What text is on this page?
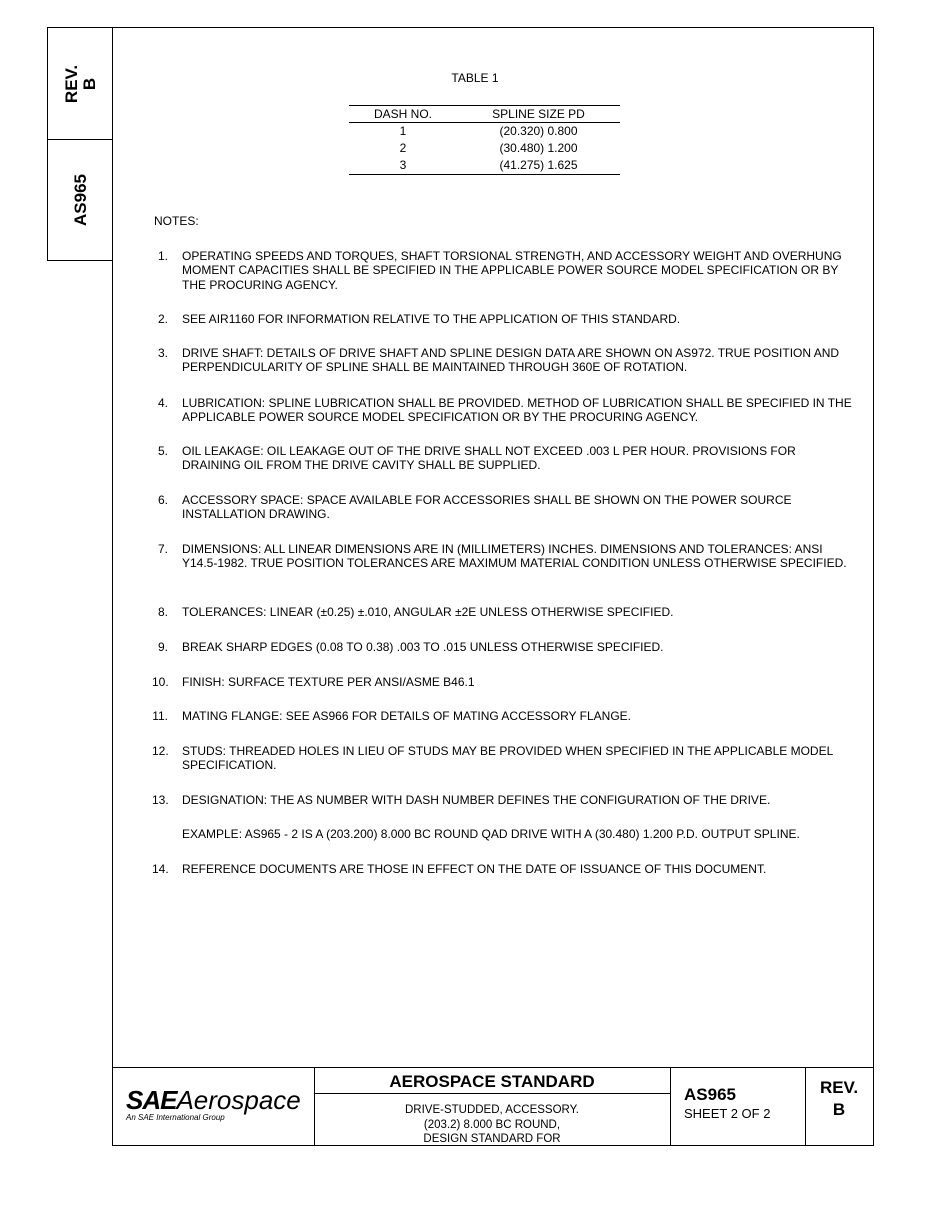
REV. B
AS965
TABLE 1
DASH NO.	SPLINE SIZE PD
1	(20.320) 0.800
2	(30.480) 1.200
3	(41.275) 1.625
NOTES:
1. OPERATING SPEEDS AND TORQUES, SHAFT TORSIONAL STRENGTH, AND ACCESSORY WEIGHT AND OVERHUNG MOMENT CAPACITIES SHALL BE SPECIFIED IN THE APPLICABLE POWER SOURCE MODEL SPECIFICATION OR BY THE PROCURING AGENCY.
2. SEE AIR1160 FOR INFORMATION RELATIVE TO THE APPLICATION OF THIS STANDARD.
3. DRIVE SHAFT: DETAILS OF DRIVE SHAFT AND SPLINE DESIGN DATA ARE SHOWN ON AS972. TRUE POSITION AND PERPENDICULARITY OF SPLINE SHALL BE MAINTAINED THROUGH 360E OF ROTATION.
4. LUBRICATION: SPLINE LUBRICATION SHALL BE PROVIDED. METHOD OF LUBRICATION SHALL BE SPECIFIED IN THE APPLICABLE POWER SOURCE MODEL SPECIFICATION OR BY THE PROCURING AGENCY.
5. OIL LEAKAGE: OIL LEAKAGE OUT OF THE DRIVE SHALL NOT EXCEED .003 L PER HOUR. PROVISIONS FOR DRAINING OIL FROM THE DRIVE CAVITY SHALL BE SUPPLIED.
6. ACCESSORY SPACE: SPACE AVAILABLE FOR ACCESSORIES SHALL BE SHOWN ON THE POWER SOURCE INSTALLATION DRAWING.
7. DIMENSIONS: ALL LINEAR DIMENSIONS ARE IN (MILLIMETERS) INCHES. DIMENSIONS AND TOLERANCES: ANSI Y14.5-1982. TRUE POSITION TOLERANCES ARE MAXIMUM MATERIAL CONDITION UNLESS OTHERWISE SPECIFIED.
8. TOLERANCES: LINEAR (±0.25) ±.010, ANGULAR ±2E UNLESS OTHERWISE SPECIFIED.
9. BREAK SHARP EDGES (0.08 TO 0.38) .003 TO .015 UNLESS OTHERWISE SPECIFIED.
10. FINISH: SURFACE TEXTURE PER ANSI/ASME B46.1
11. MATING FLANGE: SEE AS966 FOR DETAILS OF MATING ACCESSORY FLANGE.
12. STUDS: THREADED HOLES IN LIEU OF STUDS MAY BE PROVIDED WHEN SPECIFIED IN THE APPLICABLE MODEL SPECIFICATION.
13. DESIGNATION: THE AS NUMBER WITH DASH NUMBER DEFINES THE CONFIGURATION OF THE DRIVE.
EXAMPLE: AS965 - 2 IS A (203.200) 8.000 BC ROUND QAD DRIVE WITH A (30.480) 1.200 P.D. OUTPUT SPLINE.
14. REFERENCE DOCUMENTS ARE THOSE IN EFFECT ON THE DATE OF ISSUANCE OF THIS DOCUMENT.
SAEAerospace
An SAE International Group
AEROSPACE STANDARD
DRIVE-STUDDED, ACCESSORY.
(203.2) 8.000 BC ROUND,
DESIGN STANDARD FOR
AS965
SHEET 2 OF 2
REV.
B
